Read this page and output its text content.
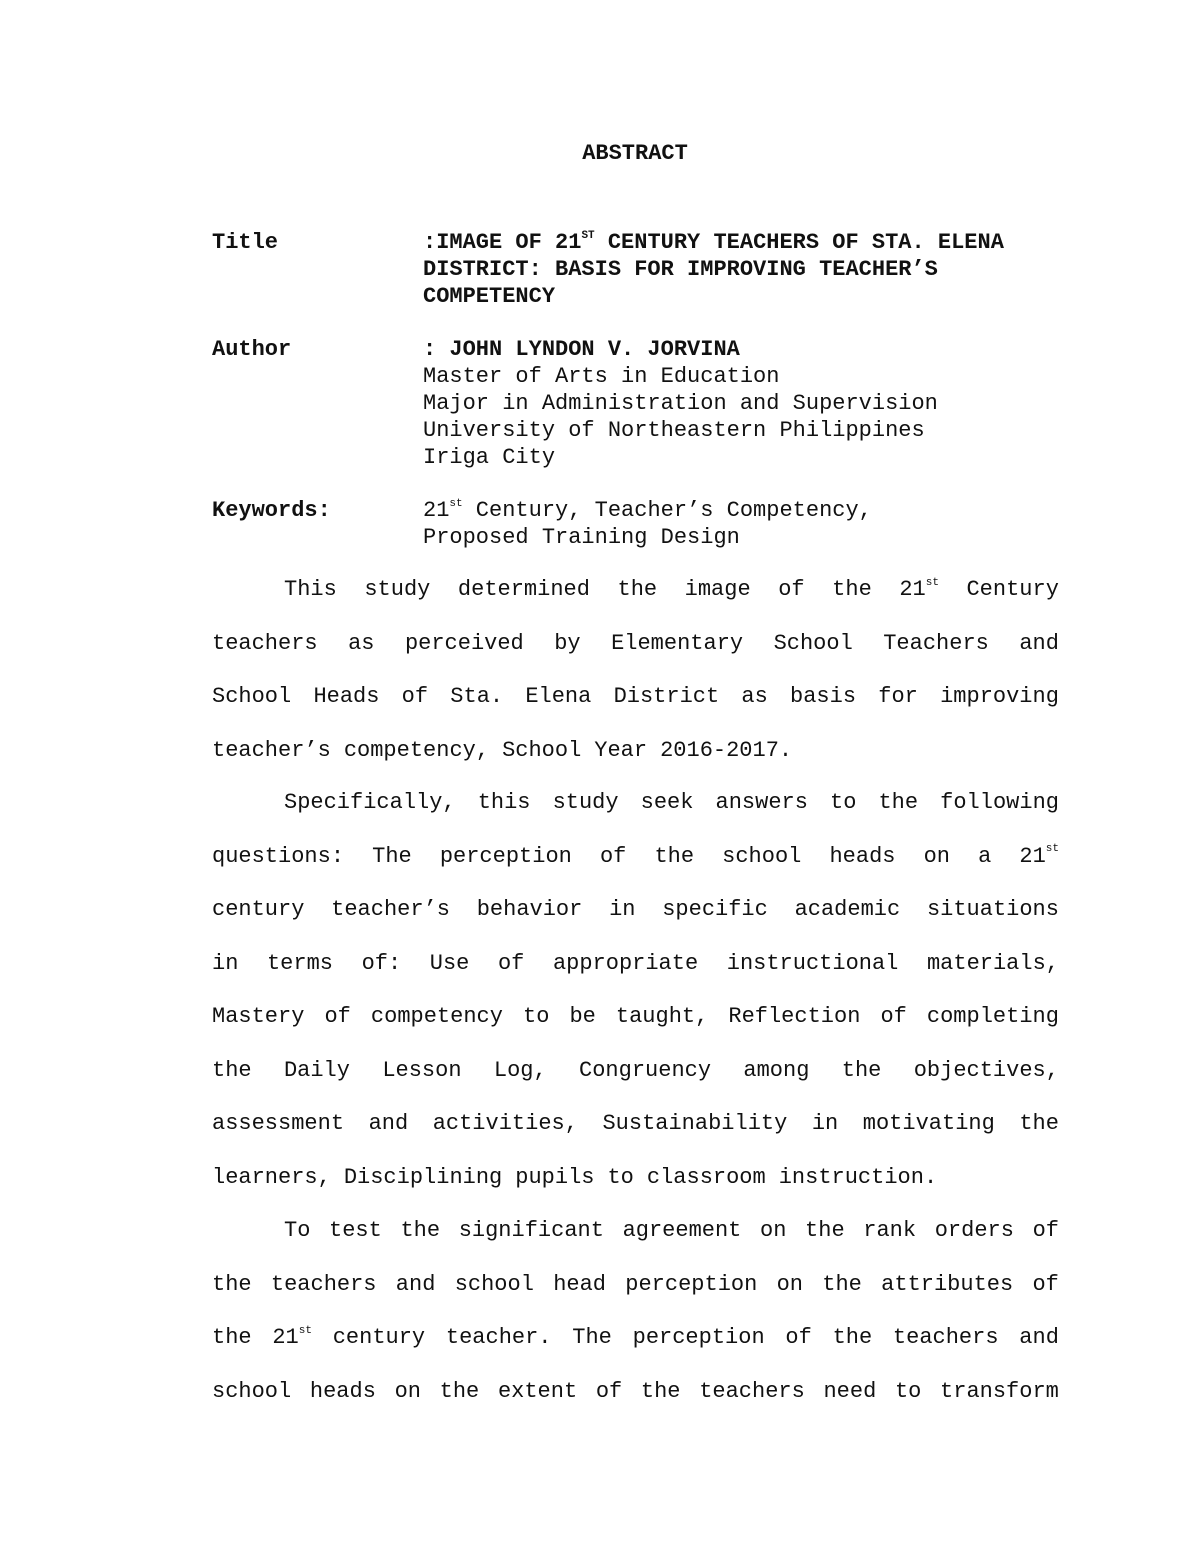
ABSTRACT
Title	:IMAGE OF 21ST CENTURY TEACHERS OF STA. ELENA
DISTRICT: BASIS FOR IMPROVING TEACHER’S
COMPETENCY
Author	: JOHN LYNDON V. JORVINA
Master of Arts in Education
Major in Administration and Supervision
University of Northeastern Philippines
Iriga City
Keywords:	21st Century, Teacher’s Competency,
Proposed Training Design
This study determined the image of the 21st Century
teachers as perceived by Elementary School Teachers and
School Heads of Sta. Elena District as basis for improving
teacher’s competency, School Year 2016-2017.
Specifically, this study seek answers to the following
questions: The perception of the school heads on a 21st
century teacher’s behavior in specific academic situations
in terms of: Use of appropriate instructional materials,
Mastery of competency to be taught, Reflection of completing
the Daily Lesson Log, Congruency among the objectives,
assessment and activities, Sustainability in motivating the
learners, Disciplining pupils to classroom instruction.
To test the significant agreement on the rank orders of
the teachers and school head perception on the attributes of
the 21st century teacher. The perception of the teachers and
school heads on the extent of the teachers need to transform
